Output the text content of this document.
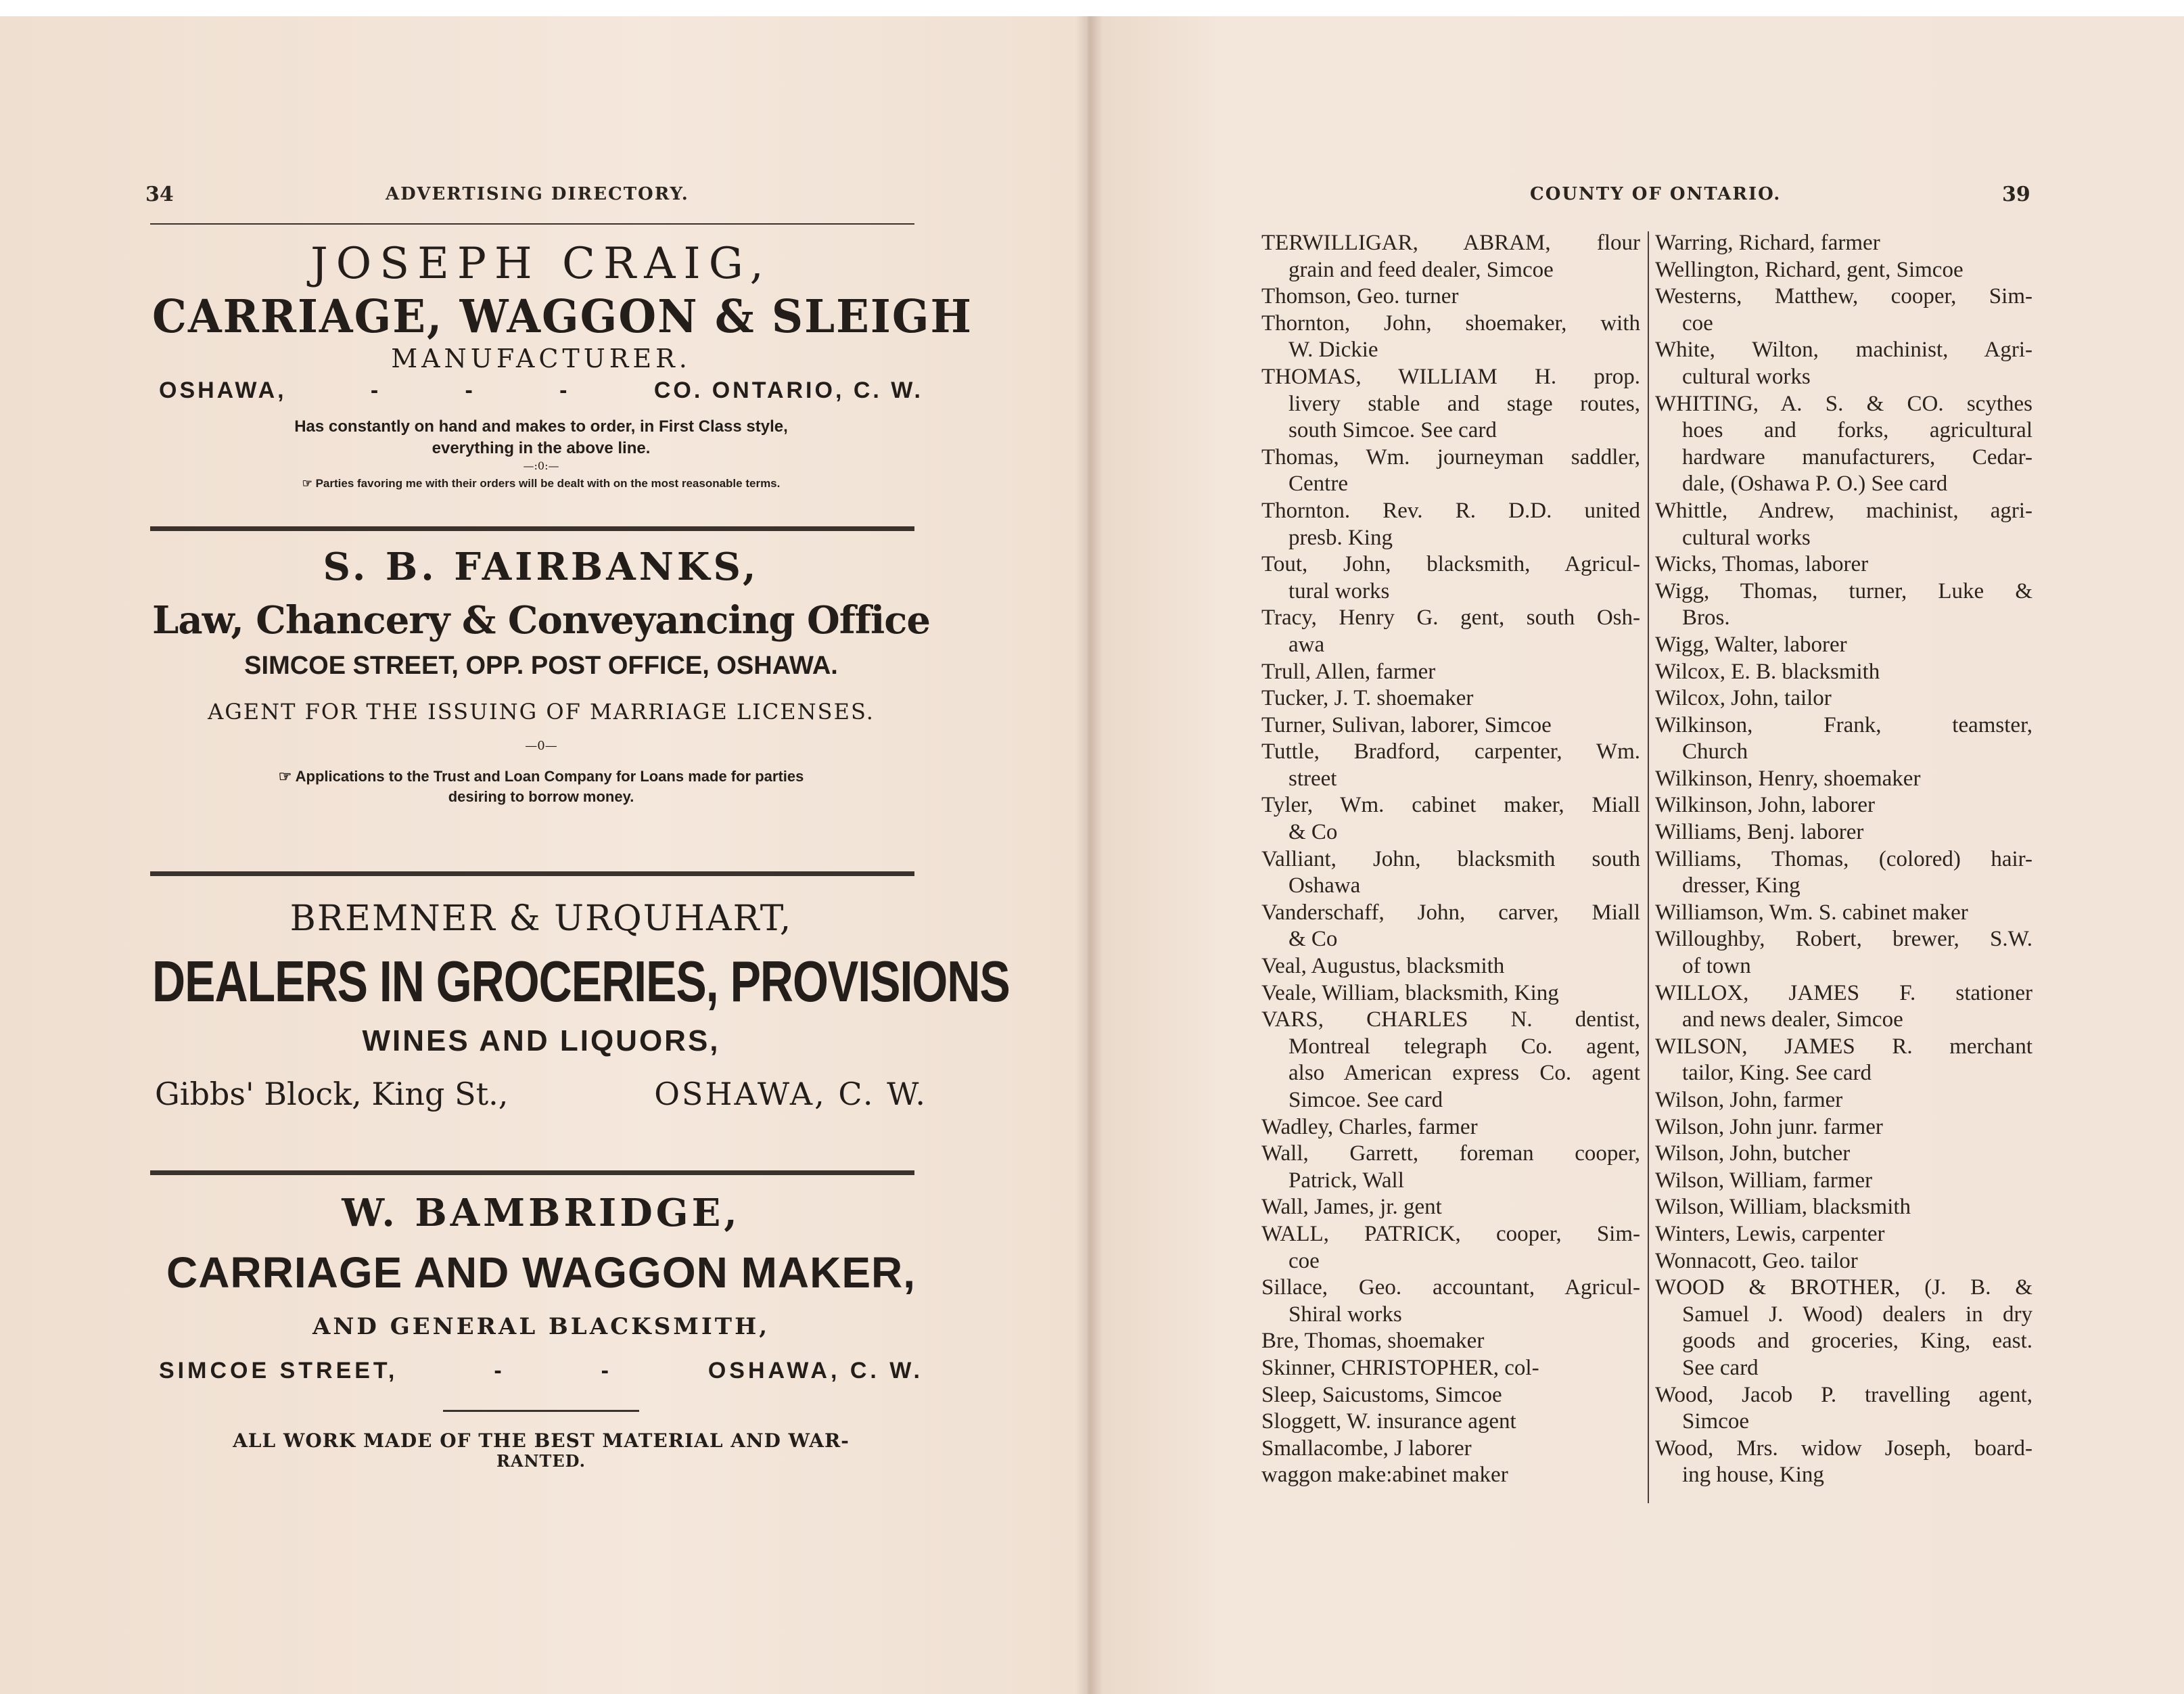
34	ADVERTISING DIRECTORY.
JOSEPH CRAIG,
CARRIAGE, WAGGON & SLEIGH
MANUFACTURER.
OSHAWA,	-	-	-	CO. ONTARIO, C. W.
Has constantly on hand and makes to order, in First Class style,
everything in the above line.
—:0:—
☞ Parties favoring me with their orders will be dealt with on the most reasonable terms.
S. B. FAIRBANKS,
Law, Chancery & Conveyancing Office
SIMCOE STREET, OPP. POST OFFICE, OSHAWA.
AGENT FOR THE ISSUING OF MARRIAGE LICENSES.
—0—
☞ Applications to the Trust and Loan Company for Loans made for parties
desiring to borrow money.
BREMNER & URQUHART,
DEALERS IN GROCERIES, PROVISIONS
WINES AND LIQUORS,
Gibbs' Block, King St.,	OSHAWA, C. W.
W. BAMBRIDGE,
CARRIAGE AND WAGGON MAKER,
AND GENERAL BLACKSMITH,
SIMCOE STREET,	-	-	OSHAWA, C. W.
ALL WORK MADE OF THE BEST MATERIAL AND WAR-
RANTED.
COUNTY OF ONTARIO.	39
TERWILLIGAR, ABRAM, flour
grain and feed dealer, Simcoe
Thomson, Geo. turner
Thornton, John, shoemaker, with
W. Dickie
THOMAS, WILLIAM H. prop.
livery stable and stage routes,
south Simcoe. See card
Thomas, Wm. journeyman saddler,
Centre
Thornton. Rev. R. D.D. united
presb. King
Tout, John, blacksmith, Agricul-
tural works
Tracy, Henry G. gent, south Osh-
awa
Trull, Allen, farmer
Tucker, J. T. shoemaker
Turner, Sulivan, laborer, Simcoe
Tuttle, Bradford, carpenter, Wm.
street
Tyler, Wm. cabinet maker, Miall
& Co
Valliant, John, blacksmith south
Oshawa
Vanderschaff, John, carver, Miall
& Co
Veal, Augustus, blacksmith
Veale, William, blacksmith, King
VARS, CHARLES N. dentist,
Montreal telegraph Co. agent,
also American express Co. agent
Simcoe. See card
Wadley, Charles, farmer
Wall, Garrett, foreman cooper,
Patrick, Wall
Wall, James, jr. gent
WALL, PATRICK, cooper, Sim-
coe
Sillace, Geo. accountant, Agricul-
Shiral works
Bre, Thomas, shoemaker
Skinner, CHRISTOPHER, col-
Sleep, Saicustoms, Simcoe
Sloggett, W. insurance agent
Smallacombe, J laborer
waggon make:abinet maker
Warring, Richard, farmer
Wellington, Richard, gent, Simcoe
Westerns, Matthew, cooper, Sim-
coe
White, Wilton, machinist, Agri-
cultural works
WHITING, A. S. & CO. scythes
hoes and forks, agricultural
hardware manufacturers, Cedar-
dale, (Oshawa P. O.) See card
Whittle, Andrew, machinist, agri-
cultural works
Wicks, Thomas, laborer
Wigg, Thomas, turner, Luke &
Bros.
Wigg, Walter, laborer
Wilcox, E. B. blacksmith
Wilcox, John, tailor
Wilkinson, Frank, teamster,
Church
Wilkinson, Henry, shoemaker
Wilkinson, John, laborer
Williams, Benj. laborer
Williams, Thomas, (colored) hair-
dresser, King
Williamson, Wm. S. cabinet maker
Willoughby, Robert, brewer, S.W.
of town
WILLOX, JAMES F. stationer
and news dealer, Simcoe
WILSON, JAMES R. merchant
tailor, King. See card
Wilson, John, farmer
Wilson, John junr. farmer
Wilson, John, butcher
Wilson, William, farmer
Wilson, William, blacksmith
Winters, Lewis, carpenter
Wonnacott, Geo. tailor
WOOD & BROTHER, (J. B. &
Samuel J. Wood) dealers in dry
goods and groceries, King, east.
See card
Wood, Jacob P. travelling agent,
Simcoe
Wood, Mrs. widow Joseph, board-
ing house, King
